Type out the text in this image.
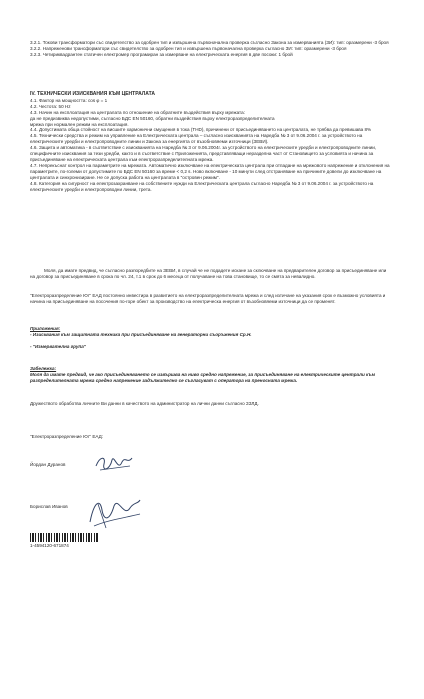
3.2.1. Токови трансформатори със свидетелство за одобрен тип и извършена първоначална проверка съгласно Закона за измерванията (ЗИ): тип: оразмерени -3 броя

3.2.2. Напреженови трансформатори със свидетелство за одобрен тип и извършена първоначална проверка съгласно ЗИ: тип: оразмерени -3 броя

3.2.3. Четириквадрантен статичен електромер програмиран за измерване на електрическата енергия в две посоки: 1 брой

IV. ТЕХНИЧЕСКИ ИЗИСКВАНИЯ КЪМ ЦЕНТРАЛАТА

4.1. Фактор на мощността: cos φ = 1

4.2. Честота: 50 Hz

4.3. Начин на експлоатация на централата по отношение на обратните въздействия върху мрежата:

да не предизвиква недопустими, съгласно БДС EN 50160, обратни въздействия върху електроразпределителната

мрежа при нормален режим на експлоатация.

4.4. Допустимата обща стойност на висшите хармонични смущения в тока (THD), причинени от присъединяването на централата, не трябва да превишава 8%

4.5. Технически средства и режим на управление на Електрическата централа – съгласно изискванията на Наредба № 3 от 9.06.2004 г. за устройството на електрическите уредби и електропроводните линии и Закона за енергията от възобновяеми източници (ЗЕВИ).

4.6. Защита и автоматика - в съответствие с изискванията на Наредба № 3 от 9.06.2004г. за устройството на електрическите уредби и електропроводните линии, специфичните изисквания за тези уредби, както и в съответствие с Приложенията, представляващи неразделна част от Становището за условията и начина за присъединяване на електрическата централа към електроразпределителната мрежа.

4.7. Непрекъснат контрол на параметрите на мрежата. Автоматично изключване на електрическата централа при отпадане на мрежовото напрежение и отклонения на параметрите, по-големи от допустимите по БДС EN 50160 за време < 0,2 s. Ново включване - 10 минути след отстраняване на причините довели до изключване на централата и синхронизиране. Не се допуска работа на централата в "островен режим".

4.8. Категория на сигурност на електрозахранване на собствените нужди на Електрическата централа съгласно Наредба № 3 от 9.06.2004 г. за устройството на електрическите уредби и електропроводни линии, трета.

Моля, да имате предвид, че съгласно разпоредбите на ЗЕВИ, в случай че не подадете искане за сключване на предварителен договор за присъединяване или на договор за присъединяване в срока по чл. 24, т.1 в срок до 6 месеца от получаване на това становище, то се смята за невалидно.

"Електроразпределение Юг" ЕАД постоянно инвестира в развитието на електроразпределителната мрежа и след изтичане на указания срок е възможно условията и начина на присъединяване на посочения по-горе обект за производство на електрическа енергия от възобновяеми източници да се променят.

Приложения:

- Изисквания към защитната техника при присъединяване на генераторни съоръжения Ср.Н.

- "Измервателна група"

Забележка:

Моля да имате предвид, че ако присъединяването се извършва на ниво средно напрежение, за присъединяване на електрическите централи към разпределителната мрежа средно напрежение задължително се съгласуват с оператора на преносната мрежа.

Дружеството обработва личните Ви данни в качеството на администратор на лични данни съгласно ЗЗЛД.

"Електроразпределение Юг" ЕАД:

Йордан Дуранов

Борислав Иванов

1-4594120-671874
